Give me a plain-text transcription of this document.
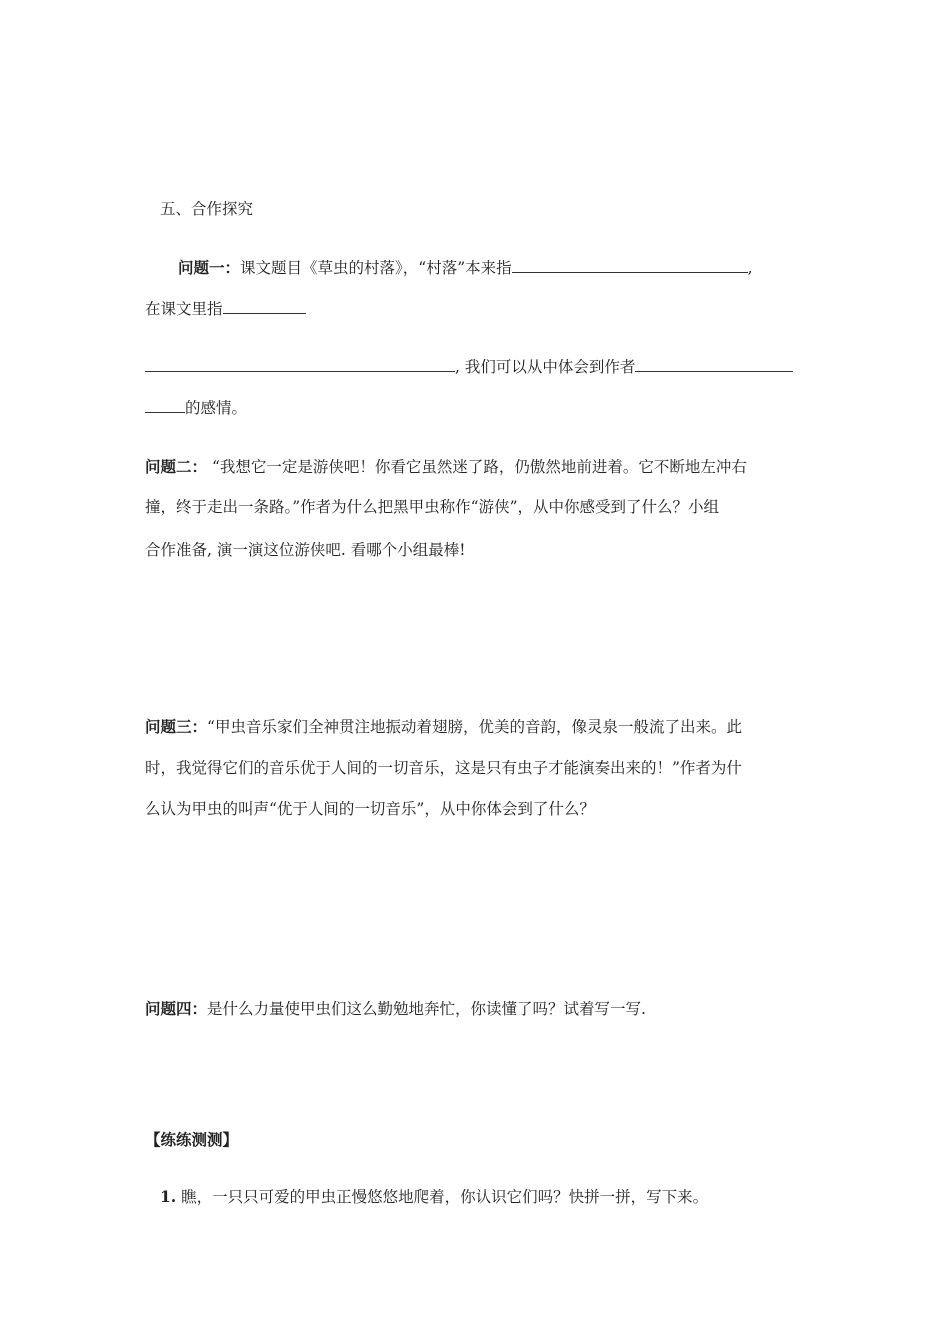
五、合作探究
问题一：课文题目《草虫的村落》，“村落”本来指	,
在课文里指
, 我们可以从中体会到作者
的感情。
问题二： “我想它一定是游侠吧！你看它虽然迷了路，仍傲然地前进着。它不断地左冲右
撞，终于走出一条路。”作者为什么把黑甲虫称作“游侠”，从中你感受到了什么？小组
合作准备, 演一演这位游侠吧. 看哪个小组最棒!
问题三：“甲虫音乐家们全神贯注地振动着翅膀，优美的音韵，像灵泉一般流了出来。此
时，我觉得它们的音乐优于人间的一切音乐，这是只有虫子才能演奏出来的！”作者为什
么认为甲虫的叫声“优于人间的一切音乐”，从中你体会到了什么？
问题四：是什么力量使甲虫们这么勤勉地奔忙，你读懂了吗？试着写一写.
【练练测测】
1. 瞧，一只只可爱的甲虫正慢悠悠地爬着，你认识它们吗？快拼一拼，写下来。
